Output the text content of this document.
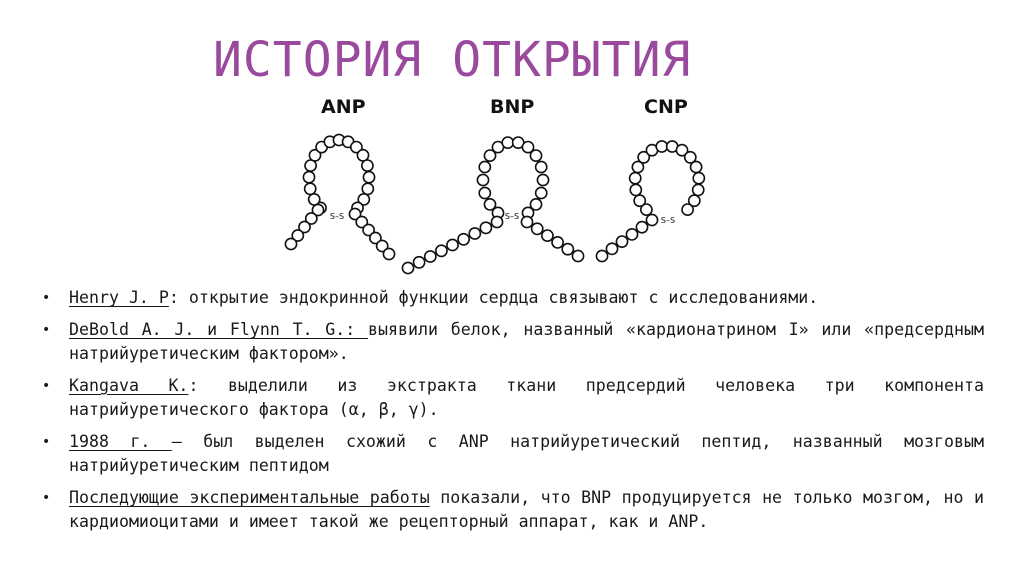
ИСТОРИЯ ОТКРЫТИЯ
ANP	BNP	CNP
S–S	S–S	S–S
• Henry J. P: открытие эндокринной функции сердца связывают с исследованиями.
• DeBold A. J. и Flynn T. G.: выявили белок, названный «кардионатрином I» или «предсердным натрийуретическим фактором».
• Kangava K.: выделили из экстракта ткани предсердий человека три компонента натрийуретического фактора (α, β, γ).
• 1988 г. – был выделен схожий с ANP натрийуретический пептид, названный мозговым натрийуретическим пептидом
• Последующие экспериментальные работы показали, что BNP продуцируется не только мозгом, но и кардиомиоцитами и имеет такой же рецепторный аппарат, как и ANP.
